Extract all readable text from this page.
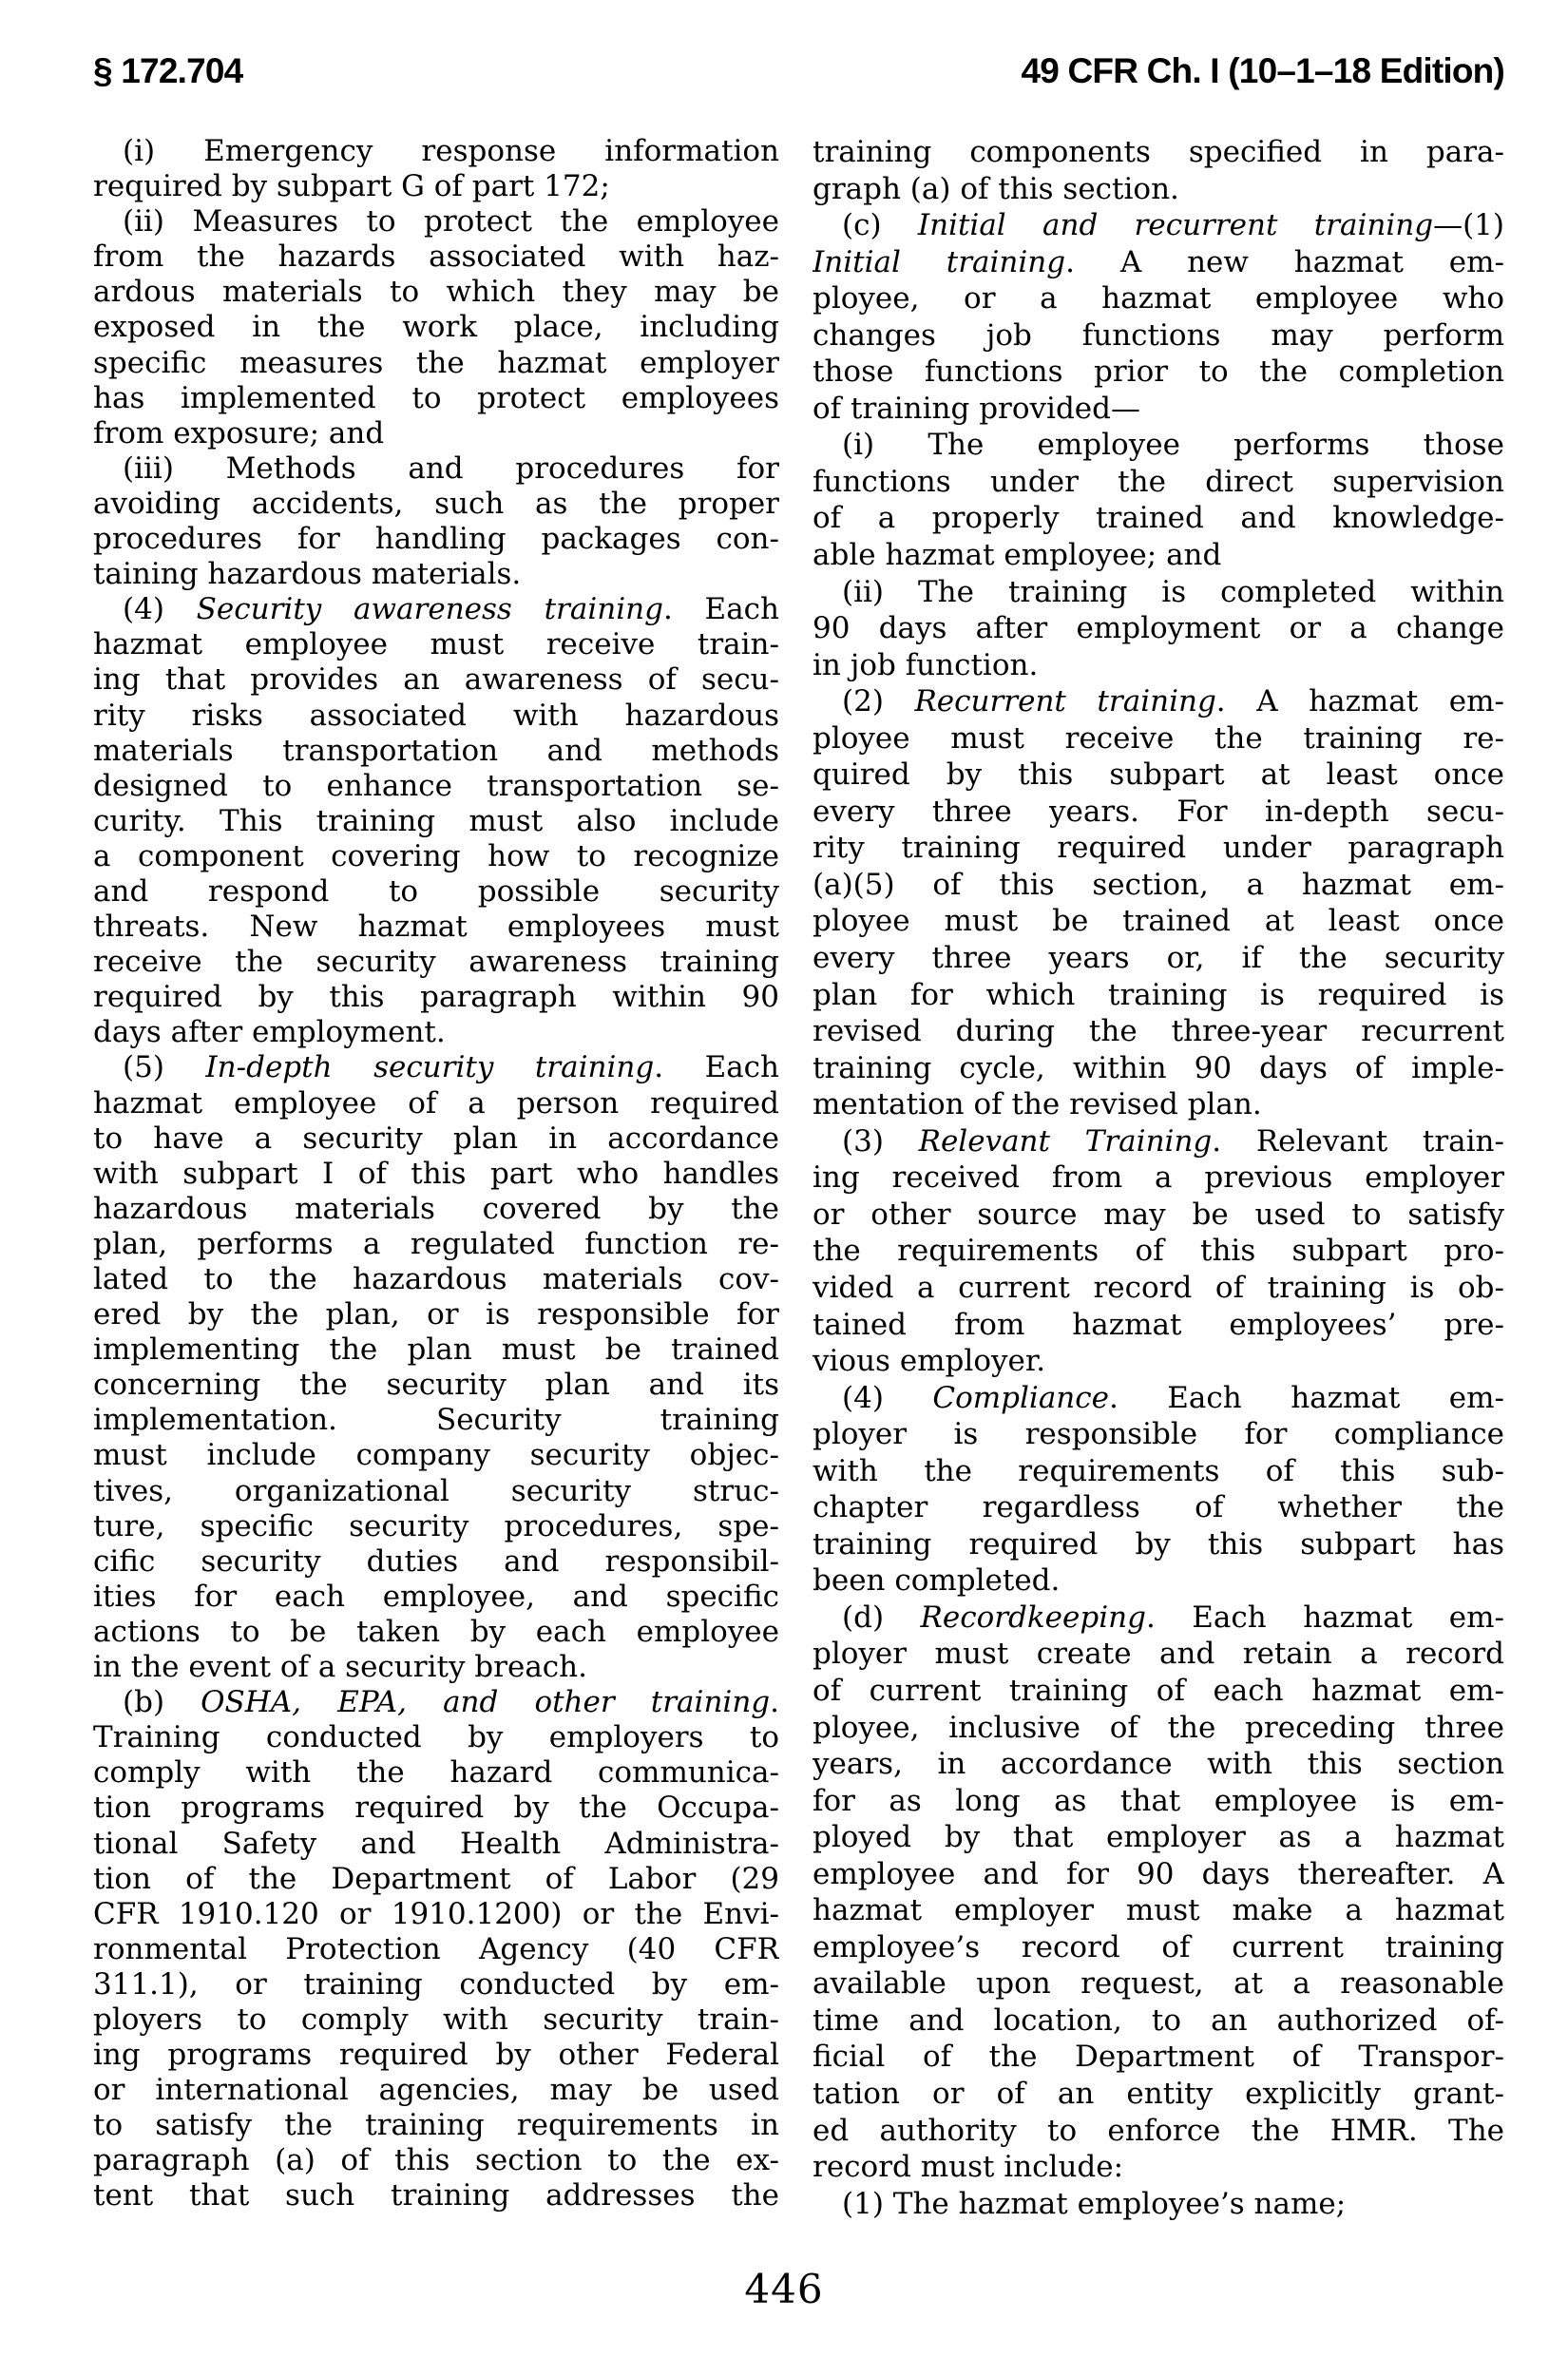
§ 172.704	49 CFR Ch. I (10–1–18 Edition)
(i) Emergency response information
required by subpart G of part 172;
(ii) Measures to protect the employee
from the hazards associated with haz-
ardous materials to which they may be
exposed in the work place, including
specific measures the hazmat employer
has implemented to protect employees
from exposure; and
(iii) Methods and procedures for
avoiding accidents, such as the proper
procedures for handling packages con-
taining hazardous materials.
(4) Security awareness training. Each
hazmat employee must receive train-
ing that provides an awareness of secu-
rity risks associated with hazardous
materials transportation and methods
designed to enhance transportation se-
curity. This training must also include
a component covering how to recognize
and respond to possible security
threats. New hazmat employees must
receive the security awareness training
required by this paragraph within 90
days after employment.
(5) In-depth security training. Each
hazmat employee of a person required
to have a security plan in accordance
with subpart I of this part who handles
hazardous materials covered by the
plan, performs a regulated function re-
lated to the hazardous materials cov-
ered by the plan, or is responsible for
implementing the plan must be trained
concerning the security plan and its
implementation. Security training
must include company security objec-
tives, organizational security struc-
ture, specific security procedures, spe-
cific security duties and responsibil-
ities for each employee, and specific
actions to be taken by each employee
in the event of a security breach.
(b) OSHA, EPA, and other training.
Training conducted by employers to
comply with the hazard communica-
tion programs required by the Occupa-
tional Safety and Health Administra-
tion of the Department of Labor (29
CFR 1910.120 or 1910.1200) or the Envi-
ronmental Protection Agency (40 CFR
311.1), or training conducted by em-
ployers to comply with security train-
ing programs required by other Federal
or international agencies, may be used
to satisfy the training requirements in
paragraph (a) of this section to the ex-
tent that such training addresses the
training components specified in para-
graph (a) of this section.
(c) Initial and recurrent training—(1)
Initial training. A new hazmat em-
ployee, or a hazmat employee who
changes job functions may perform
those functions prior to the completion
of training provided—
(i) The employee performs those
functions under the direct supervision
of a properly trained and knowledge-
able hazmat employee; and
(ii) The training is completed within
90 days after employment or a change
in job function.
(2) Recurrent training. A hazmat em-
ployee must receive the training re-
quired by this subpart at least once
every three years. For in-depth secu-
rity training required under paragraph
(a)(5) of this section, a hazmat em-
ployee must be trained at least once
every three years or, if the security
plan for which training is required is
revised during the three-year recurrent
training cycle, within 90 days of imple-
mentation of the revised plan.
(3) Relevant Training. Relevant train-
ing received from a previous employer
or other source may be used to satisfy
the requirements of this subpart pro-
vided a current record of training is ob-
tained from hazmat employees’ pre-
vious employer.
(4) Compliance. Each hazmat em-
ployer is responsible for compliance
with the requirements of this sub-
chapter regardless of whether the
training required by this subpart has
been completed.
(d) Recordkeeping. Each hazmat em-
ployer must create and retain a record
of current training of each hazmat em-
ployee, inclusive of the preceding three
years, in accordance with this section
for as long as that employee is em-
ployed by that employer as a hazmat
employee and for 90 days thereafter. A
hazmat employer must make a hazmat
employee’s record of current training
available upon request, at a reasonable
time and location, to an authorized of-
ficial of the Department of Transpor-
tation or of an entity explicitly grant-
ed authority to enforce the HMR. The
record must include:
(1) The hazmat employee’s name;
446
